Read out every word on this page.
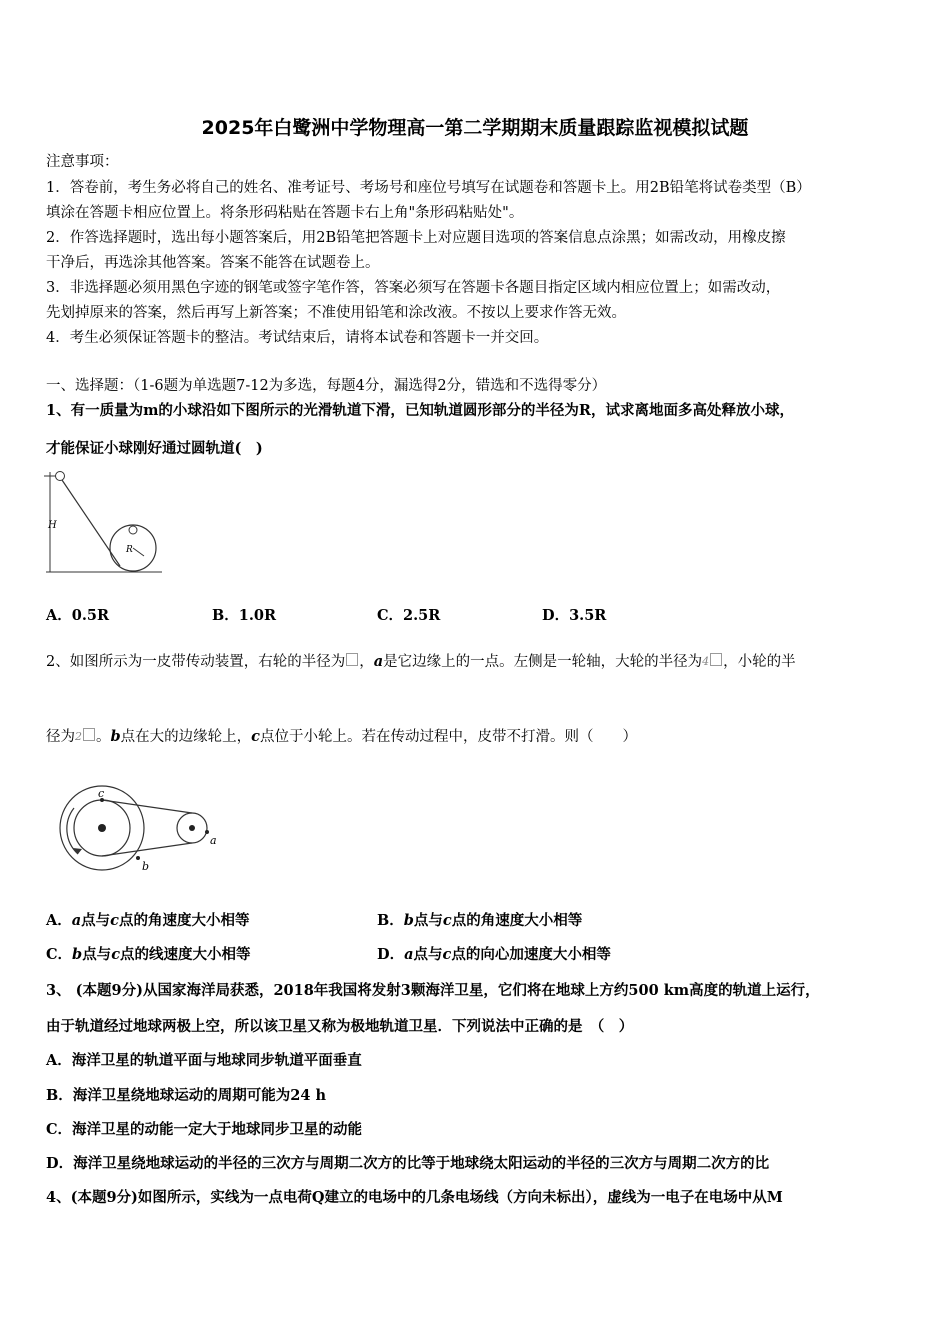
2025年白鹭洲中学物理高一第二学期期末质量跟踪监视模拟试题
注意事项：
1．答卷前，考生务必将自己的姓名、准考证号、考场号和座位号填写在试题卷和答题卡上。用2B铅笔将试卷类型（B）
填涂在答题卡相应位置上。将条形码粘贴在答题卡右上角"条形码粘贴处"。
2．作答选择题时，选出每小题答案后，用2B铅笔把答题卡上对应题目选项的答案信息点涂黑；如需改动，用橡皮擦
干净后，再选涂其他答案。答案不能答在试题卷上。
3．非选择题必须用黑色字迹的钢笔或签字笔作答，答案必须写在答题卡各题目指定区域内相应位置上；如需改动，
先划掉原来的答案，然后再写上新答案；不准使用铅笔和涂改液。不按以上要求作答无效。
4．考生必须保证答题卡的整洁。考试结束后，请将本试卷和答题卡一并交回。
一、选择题：（1-6题为单选题7-12为多选，每题4分，漏选得2分，错选和不选得零分）
1、有一质量为m的小球沿如下图所示的光滑轨道下滑，已知轨道圆形部分的半径为R，试求离地面多高处释放小球，
才能保证小球刚好通过圆轨道(　)
H
R
A．0.5R	B．1.0R	C．2.5R	D．3.5R
2、如图所示为一皮带传动装置，右轮的半径为 ，a是它边缘上的一点。左侧是一轮轴，大轮的半径为$^4$ ，小轮的半
径为$^2$ 。b点在大的边缘轮上，c点位于小轮上。若在传动过程中，皮带不打滑。则（　　）
c
a
b
A．a点与c点的角速度大小相等	B．b点与c点的角速度大小相等
C．b点与c点的线速度大小相等	D．a点与c点的向心加速度大小相等
3、 (本题9分)从国家海洋局获悉，2018年我国将发射3颗海洋卫星，它们将在地球上方约500 km高度的轨道上运行，
由于轨道经过地球两极上空，所以该卫星又称为极地轨道卫星．下列说法中正确的是　（　）
A．海洋卫星的轨道平面与地球同步轨道平面垂直
B．海洋卫星绕地球运动的周期可能为24 h
C．海洋卫星的动能一定大于地球同步卫星的动能
D．海洋卫星绕地球运动的半径的三次方与周期二次方的比等于地球绕太阳运动的半径的三次方与周期二次方的比
4、(本题9分)如图所示，实线为一点电荷Q建立的电场中的几条电场线（方向未标出），虚线为一电子在电场中从M
